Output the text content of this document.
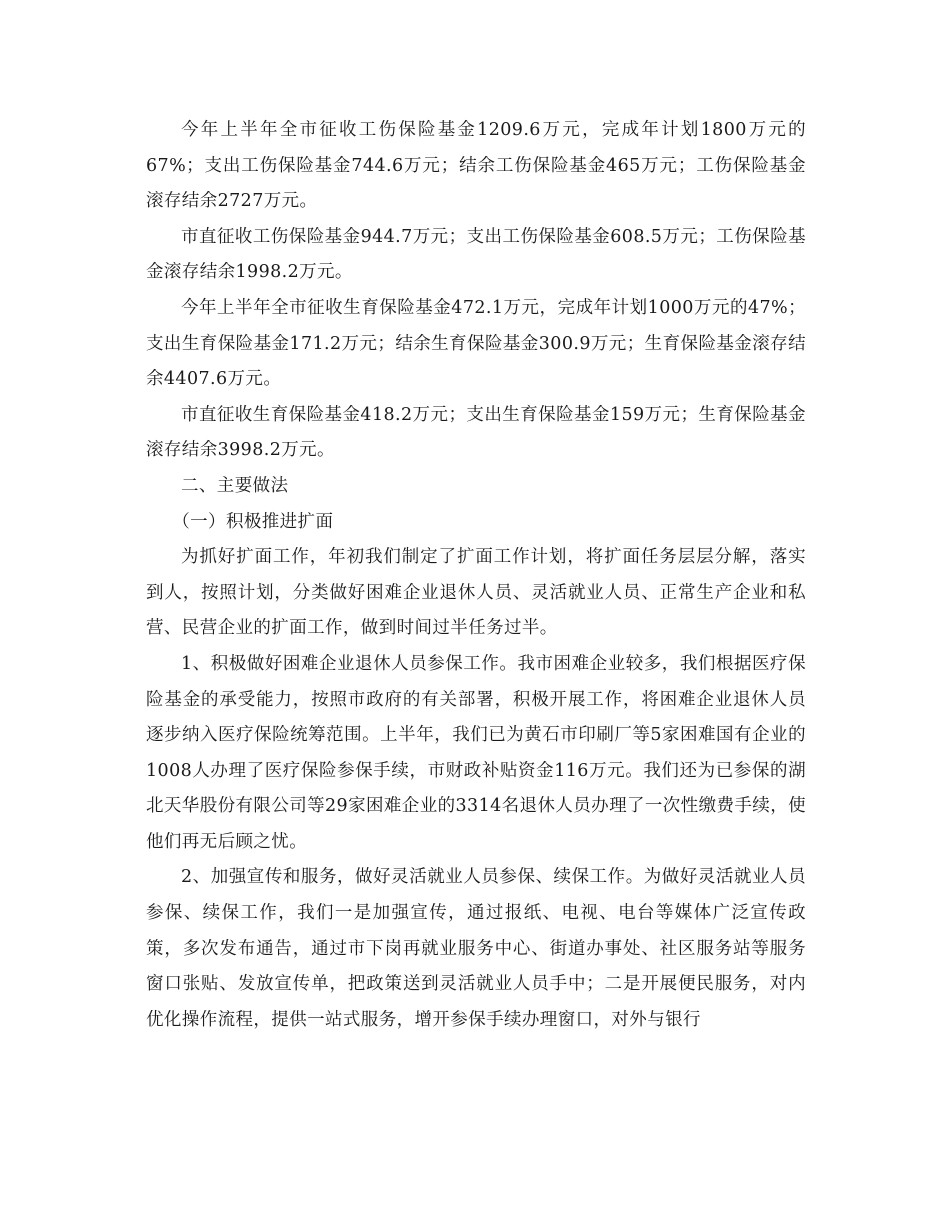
今年上半年全市征收工伤保险基金1209.6万元，完成年计划1800万元的67%；支出工伤保险基金744.6万元；结余工伤保险基金465万元；工伤保险基金滚存结余2727万元。

市直征收工伤保险基金944.7万元；支出工伤保险基金608.5万元；工伤保险基金滚存结余1998.2万元。

今年上半年全市征收生育保险基金472.1万元，完成年计划1000万元的47%；支出生育保险基金171.2万元；结余生育保险基金300.9万元；生育保险基金滚存结余4407.6万元。

市直征收生育保险基金418.2万元；支出生育保险基金159万元；生育保险基金滚存结余3998.2万元。

二、主要做法

（一）积极推进扩面

为抓好扩面工作，年初我们制定了扩面工作计划，将扩面任务层层分解，落实到人，按照计划，分类做好困难企业退休人员、灵活就业人员、正常生产企业和私营、民营企业的扩面工作，做到时间过半任务过半。

1、积极做好困难企业退休人员参保工作。我市困难企业较多，我们根据医疗保险基金的承受能力，按照市政府的有关部署，积极开展工作，将困难企业退休人员逐步纳入医疗保险统筹范围。上半年，我们已为黄石市印刷厂等5家困难国有企业的1008人办理了医疗保险参保手续，市财政补贴资金116万元。我们还为已参保的湖北天华股份有限公司等29家困难企业的3314名退休人员办理了一次性缴费手续，使他们再无后顾之忧。

2、加强宣传和服务，做好灵活就业人员参保、续保工作。为做好灵活就业人员参保、续保工作，我们一是加强宣传，通过报纸、电视、电台等媒体广泛宣传政策，多次发布通告，通过市下岗再就业服务中心、街道办事处、社区服务站等服务窗口张贴、发放宣传单，把政策送到灵活就业人员手中；二是开展便民服务，对内优化操作流程，提供一站式服务，增开参保手续办理窗口，对外与银行
